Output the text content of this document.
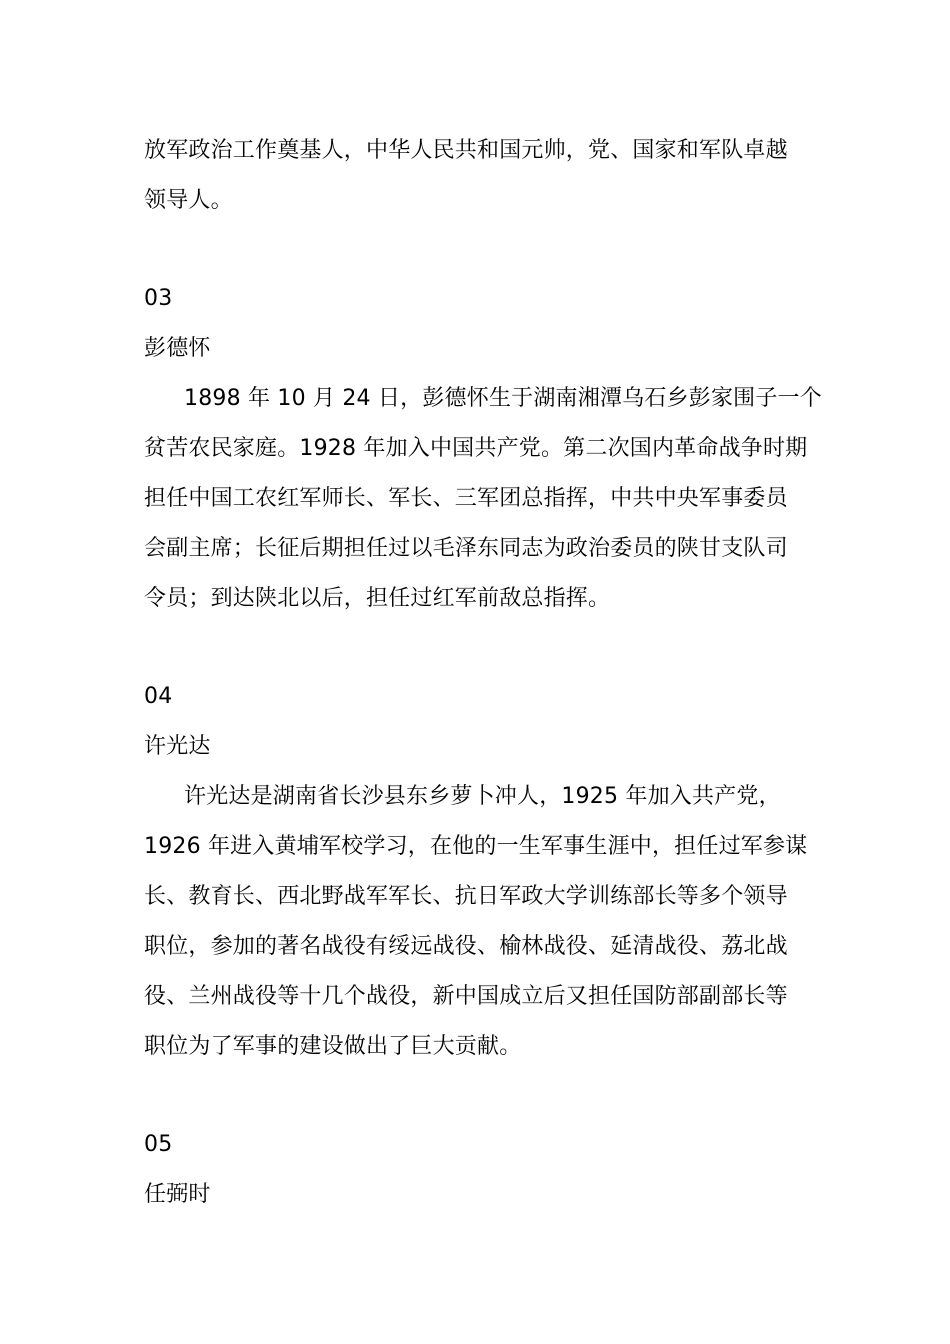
放军政治工作奠基人，中华人民共和国元帅，党、国家和军队卓越
领导人。
03
彭德怀
1898 年 10 月 24 日，彭德怀生于湖南湘潭乌石乡彭家围子一个
贫苦农民家庭。1928 年加入中国共产党。第二次国内革命战争时期
担任中国工农红军师长、军长、三军团总指挥，中共中央军事委员
会副主席；长征后期担任过以毛泽东同志为政治委员的陕甘支队司
令员；到达陕北以后，担任过红军前敌总指挥。
04
许光达
许光达是湖南省长沙县东乡萝卜冲人，1925 年加入共产党，
1926 年进入黄埔军校学习，在他的一生军事生涯中，担任过军参谋
长、教育长、西北野战军军长、抗日军政大学训练部长等多个领导
职位，参加的著名战役有绥远战役、榆林战役、延清战役、荔北战
役、兰州战役等十几个战役，新中国成立后又担任国防部副部长等
职位为了军事的建设做出了巨大贡献。
05
任弼时
